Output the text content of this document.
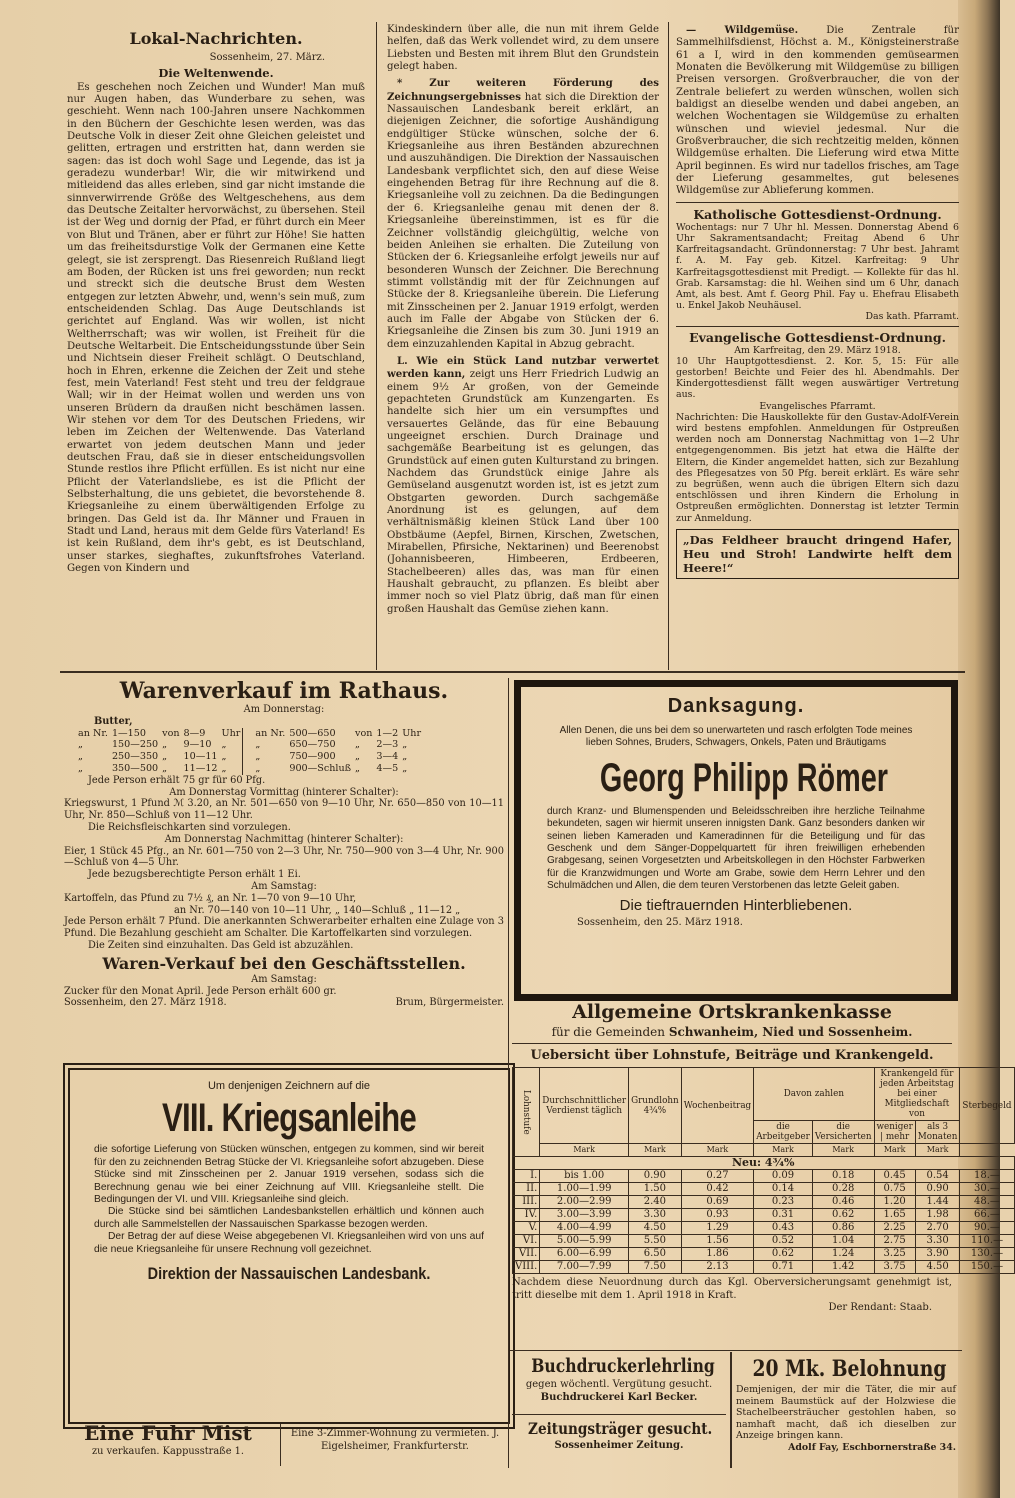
Lokal-Nachrichten.
Sossenheim, 27. März.
Die Weltenwende.

Es geschehen noch Zeichen und Wunder! Man muß nur Augen haben, das Wunderbare zu sehen, was geschieht. Wenn nach 100-Jahren unsere Nachkommen in den Büchern der Geschichte lesen werden, was das Deutsche Volk in dieser Zeit ohne Gleichen geleistet und gelitten, ertragen und erstritten hat, dann werden sie sagen: das ist doch wohl Sage und Legende, das ist ja geradezu wunderbar! Wir, die wir mitwirkend und mitleidend das alles erleben, sind gar nicht imstande die sinnverwirrende Größe des Weltgeschehens, aus dem das Deutsche Zeitalter hervorwächst, zu übersehen. Steil ist der Weg und dornig der Pfad, er führt durch ein Meer von Blut und Tränen, aber er führt zur Höhe! Sie hatten um das freiheitsdurstige Volk der Germanen eine Kette gelegt, sie ist zersprengt. Das Riesenreich Rußland liegt am Boden, der Rücken ist uns frei geworden; nun reckt und streckt sich die deutsche Brust dem Westen entgegen zur letzten Abwehr, und, wenn's sein muß, zum entscheidenden Schlag. Das Auge Deutschlands ist gerichtet auf England. Was wir wollen, ist nicht Weltherrschaft; was wir wollen, ist Freiheit für die Deutsche Weltarbeit. Die Entscheidungsstunde über Sein und Nichtsein dieser Freiheit schlägt. O Deutschland, hoch in Ehren, erkenne die Zeichen der Zeit und stehe fest, mein Vaterland! Fest steht und treu der feldgraue Wall; wir in der Heimat wollen und werden uns von unseren Brüdern da draußen nicht beschämen lassen. Wir stehen vor dem Tor des Deutschen Friedens, wir leben im Zeichen der Weltenwende. Das Vaterland erwartet von jedem deutschen Mann und jeder deutschen Frau, daß sie in dieser entscheidungsvollen Stunde restlos ihre Pflicht erfüllen. Es ist nicht nur eine Pflicht der Vaterlandsliebe, es ist die Pflicht der Selbsterhaltung, die uns gebietet, die bevorstehende 8. Kriegsanleihe zu einem überwältigenden Erfolge zu bringen. Das Geld ist da. Ihr Männer und Frauen in Stadt und Land, heraus mit dem Gelde fürs Vaterland! Es ist kein Rußland, dem ihr's gebt, es ist Deutschland, unser starkes, sieghaftes, zukunftsfrohes Vaterland. Gegen von Kindern und

Kindeskindern über alle, die nun mit ihrem Gelde helfen, daß das Werk vollendet wird, zu dem unsere Liebsten und Besten mit ihrem Blut den Grundstein gelegt haben.

* Zur weiteren Förderung des Zeichnungsergebnisses hat sich die Direktion der Nassauischen Landesbank bereit erklärt, an diejenigen Zeichner, die sofortige Aushändigung endgültiger Stücke wünschen, solche der 6. Kriegsanleihe aus ihren Beständen abzurechnen und auszuhändigen. Die Direktion der Nassauischen Landesbank verpflichtet sich, den auf diese Weise eingehenden Betrag für ihre Rechnung auf die 8. Kriegsanleihe voll zu zeichnen. Da die Bedingungen der 6. Kriegsanleihe genau mit denen der 8. Kriegsanleihe übereinstimmen, ist es für die Zeichner vollständig gleichgültig, welche von beiden Anleihen sie erhalten. Die Zuteilung von Stücken der 6. Kriegsanleihe erfolgt jeweils nur auf besonderen Wunsch der Zeichner. Die Berechnung stimmt vollständig mit der für Zeichnungen auf Stücke der 8. Kriegsanleihe überein. Die Lieferung mit Zinsscheinen per 2. Januar 1919 erfolgt, werden auch im Falle der Abgabe von Stücken der 6. Kriegsanleihe die Zinsen bis zum 30. Juni 1919 an dem einzuzahlenden Kapital in Abzug gebracht.

L. Wie ein Stück Land nutzbar verwertet werden kann, zeigt uns Herr Friedrich Ludwig an einem 9½ Ar großen, von der Gemeinde gepachteten Grundstück am Kunzengarten. Es handelte sich hier um ein versumpftes und versauertes Gelände, das für eine Bebauung ungeeignet erschien. Durch Drainage und sachgemäße Bearbeitung ist es gelungen, das Grundstück auf einen guten Kulturstand zu bringen. Nachdem das Grundstück einige Jahre als Gemüseland ausgenutzt worden ist, ist es jetzt zum Obstgarten geworden. Durch sachgemäße Anordnung ist es gelungen, auf dem verhältnismäßig kleinen Stück Land über 100 Obstbäume (Aepfel, Birnen, Kirschen, Zwetschen, Mirabellen, Pfirsiche, Nektarinen) und Beerenobst (Johannisbeeren, Himbeeren, Erdbeeren, Stachelbeeren) alles das, was man für einen Haushalt gebraucht, zu pflanzen. Es bleibt aber immer noch so viel Platz übrig, daß man für einen großen Haushalt das Gemüse ziehen kann.

— Wildgemüse. Die Zentrale für Sammelhilfsdienst, Höchst a. M., Königsteinerstraße 61 a I, wird in den kommenden gemüsearmen Monaten die Bevölkerung mit Wildgemüse zu billigen Preisen versorgen. Großverbraucher, die von der Zentrale beliefert zu werden wünschen, wollen sich baldigst an dieselbe wenden und dabei angeben, an welchen Wochentagen sie Wildgemüse zu erhalten wünschen und wieviel jedesmal. Nur die Großverbraucher, die sich rechtzeitig melden, können Wildgemüse erhalten. Die Lieferung wird etwa Mitte April beginnen. Es wird nur tadellos frisches, am Tage der Lieferung gesammeltes, gut belesenes Wildgemüse zur Ablieferung kommen.

Katholische Gottesdienst-Ordnung.
Wochentags: nur 7 Uhr hl. Messen. Donnerstag Abend 6 Uhr Sakramentsandacht; Freitag Abend 6 Uhr Karfreitagsandacht. Gründonnerstag: 7 Uhr best. Jahramt f. A. M. Fay geb. Kitzel. Karfreitag: 9 Uhr Karfreitagsgottesdienst mit Predigt. — Kollekte für das hl. Grab. Karsamstag: die hl. Weihen sind um 6 Uhr, danach Amt, als best. Amt f. Georg Phil. Fay u. Ehefrau Elisabeth u. Enkel Jakob Neuhäusel.
Das kath. Pfarramt.
Evangelische Gottesdienst-Ordnung.
Am Karfreitag, den 29. März 1918.
10 Uhr Hauptgottesdienst. 2. Kor. 5, 15: Für alle gestorben! Beichte und Feier des hl. Abendmahls. Der Kindergottesdienst fällt wegen auswärtiger Vertretung aus.
Evangelisches Pfarramt.
Nachrichten: Die Hauskollekte für den Gustav-Adolf-Verein wird bestens empfohlen. Anmeldungen für Ostpreußen werden noch am Donnerstag Nachmittag von 1—2 Uhr entgegengenommen. Bis jetzt hat etwa die Hälfte der Eltern, die Kinder angemeldet hatten, sich zur Bezahlung des Pflegesatzes von 50 Pfg. bereit erklärt. Es wäre sehr zu begrüßen, wenn auch die übrigen Eltern sich dazu entschlössen und ihren Kindern die Erholung in Ostpreußen ermöglichten. Donnerstag ist letzter Termin zur Anmeldung.
„Das Feldheer braucht dringend Hafer, Heu und Stroh! Landwirte helft dem Heere!“
Warenverkauf im Rathaus.
Am Donnerstag:
Butter,
an Nr.	1—150	von	8—9	Uhr	an Nr.	500—650	von	1—2	Uhr
„	150—250	„	9—10	„	„	650—750	„	2—3	„
„	250—350	„	10—11	„	„	750—900	„	3—4	„
„	350—500	„	11—12	„	„	900—Schluß	„	4—5	„
Jede Person erhält 75 gr für 60 Pfg.
Am Donnerstag Vormittag (hinterer Schalter):
Kriegswurst, 1 Pfund ℳ 3.20, an Nr. 501—650 von 9—10 Uhr, Nr. 650—850 von 10—11 Uhr, Nr. 850—Schluß von 11—12 Uhr.
Die Reichsfleischkarten sind vorzulegen.
Am Donnerstag Nachmittag (hinterer Schalter):
Eier, 1 Stück 45 Pfg., an Nr. 601—750 von 2—3 Uhr, Nr. 750—900 von 3—4 Uhr, Nr. 900—Schluß von 4—5 Uhr.
Jede bezugsberechtigte Person erhält 1 Ei.
Am Samstag:
Kartoffeln, das Pfund zu 7½ ₰, an Nr. 1—70 von 9—10 Uhr,
an Nr. 70—140 von 10—11 Uhr, „ 140—Schluß „ 11—12 „
Jede Person erhält 7 Pfund. Die anerkannten Schwerarbeiter erhalten eine Zulage von 3 Pfund. Die Bezahlung geschieht am Schalter. Die Kartoffelkarten sind vorzulegen.
Die Zeiten sind einzuhalten. Das Geld ist abzuzählen.
Waren-Verkauf bei den Geschäftsstellen.
Am Samstag:
Zucker für den Monat April. Jede Person erhält 600 gr.
Sossenheim, den 27. März 1918.	Brum, Bürgermeister.
Um denjenigen Zeichnern auf die
VIII. Kriegsanleihe
die sofortige Lieferung von Stücken wünschen, entgegen zu kommen, sind wir bereit für den zu zeichnenden Betrag Stücke der VI. Kriegsanleihe sofort abzugeben. Diese Stücke sind mit Zinsscheinen per 2. Januar 1919 versehen, sodass sich die Berechnung genau wie bei einer Zeichnung auf VIII. Kriegsanleihe stellt. Die Bedingungen der VI. und VIII. Kriegsanleihe sind gleich.
Die Stücke sind bei sämtlichen Landesbankstellen erhältlich und können auch durch alle Sammelstellen der Nassauischen Sparkasse bezogen werden.
Der Betrag der auf diese Weise abgegebenen VI. Kriegsanleihen wird von uns auf die neue Kriegsanleihe für unsere Rechnung voll gezeichnet.
Direktion der Nassauischen Landesbank.
Eine Fuhr Mist
zu verkaufen. Kappusstraße 1.
Eine 3-Zimmer-Wohnung zu vermieten. J. Eigelsheimer, Frankfurterstr.
Danksagung.
Allen Denen, die uns bei dem so unerwarteten und rasch erfolgten Tode meines lieben Sohnes, Bruders, Schwagers, Onkels, Paten und Bräutigams
Georg Philipp Römer
durch Kranz- und Blumenspenden und Beleidsschreiben ihre herzliche Teilnahme bekundeten, sagen wir hiermit unseren innigsten Dank. Ganz besonders danken wir seinen lieben Kameraden und Kameradinnen für die Beteiligung und für das Geschenk und dem Sänger-Doppelquartett für ihren freiwilligen erhebenden Grabgesang, seinen Vorgesetzten und Arbeitskollegen in den Höchster Farbwerken für die Kranzwidmungen und Worte am Grabe, sowie dem Herrn Lehrer und den Schulmädchen und Allen, die dem teuren Verstorbenen das letzte Geleit gaben.
Die tieftrauernden Hinterbliebenen.
Sossenheim, den 25. März 1918.
Allgemeine Ortskrankenkasse
für die Gemeinden Schwanheim, Nied und Sossenheim.
Uebersicht über Lohnstufe, Beiträge und Krankengeld.
Lohnstufe	Durchschnittlicher Verdienst täglich	Grundlohn 4¾%	Wochenbeitrag	Davon zahlen		Krankengeld für jeden Arbeitstag bei einer Mitgliedschaft von		Sterbegeld
				die Arbeitgeber	die Versicherten	weniger | mehr	als 3 Monaten	
	Mark	Mark	Mark	Mark	Mark	Mark	Mark	
Neu: 4¾%								
I.	bis 1.00	0.90	0.27	0.09	0.18	0.45	0.54	18.—
II.	1.00—1.99	1.50	0.42	0.14	0.28	0.75	0.90	30.—
III.	2.00—2.99	2.40	0.69	0.23	0.46	1.20	1.44	48.—
IV.	3.00—3.99	3.30	0.93	0.31	0.62	1.65	1.98	66.—
V.	4.00—4.99	4.50	1.29	0.43	0.86	2.25	2.70	90.—
VI.	5.00—5.99	5.50	1.56	0.52	1.04	2.75	3.30	110.—
VII.	6.00—6.99	6.50	1.86	0.62	1.24	3.25	3.90	130.—
VIII.	7.00—7.99	7.50	2.13	0.71	1.42	3.75	4.50	150.—
Nachdem diese Neuordnung durch das Kgl. Oberversicherungsamt genehmigt ist, tritt dieselbe mit dem 1. April 1918 in Kraft.
Der Rendant: Staab.
Buchdruckerlehrling
gegen wöchentl. Vergütung gesucht.
Buchdruckerei Karl Becker.
Zeitungsträger gesucht.
Sossenheimer Zeitung.
20 Mk. Belohnung
Demjenigen, der mir die Täter, die mir auf meinem Baumstück auf der Holzwiese die Stachelbeersträucher gestohlen haben, so namhaft macht, daß ich dieselben zur Anzeige bringen kann.
Adolf Fay, Eschbornerstraße 34.
